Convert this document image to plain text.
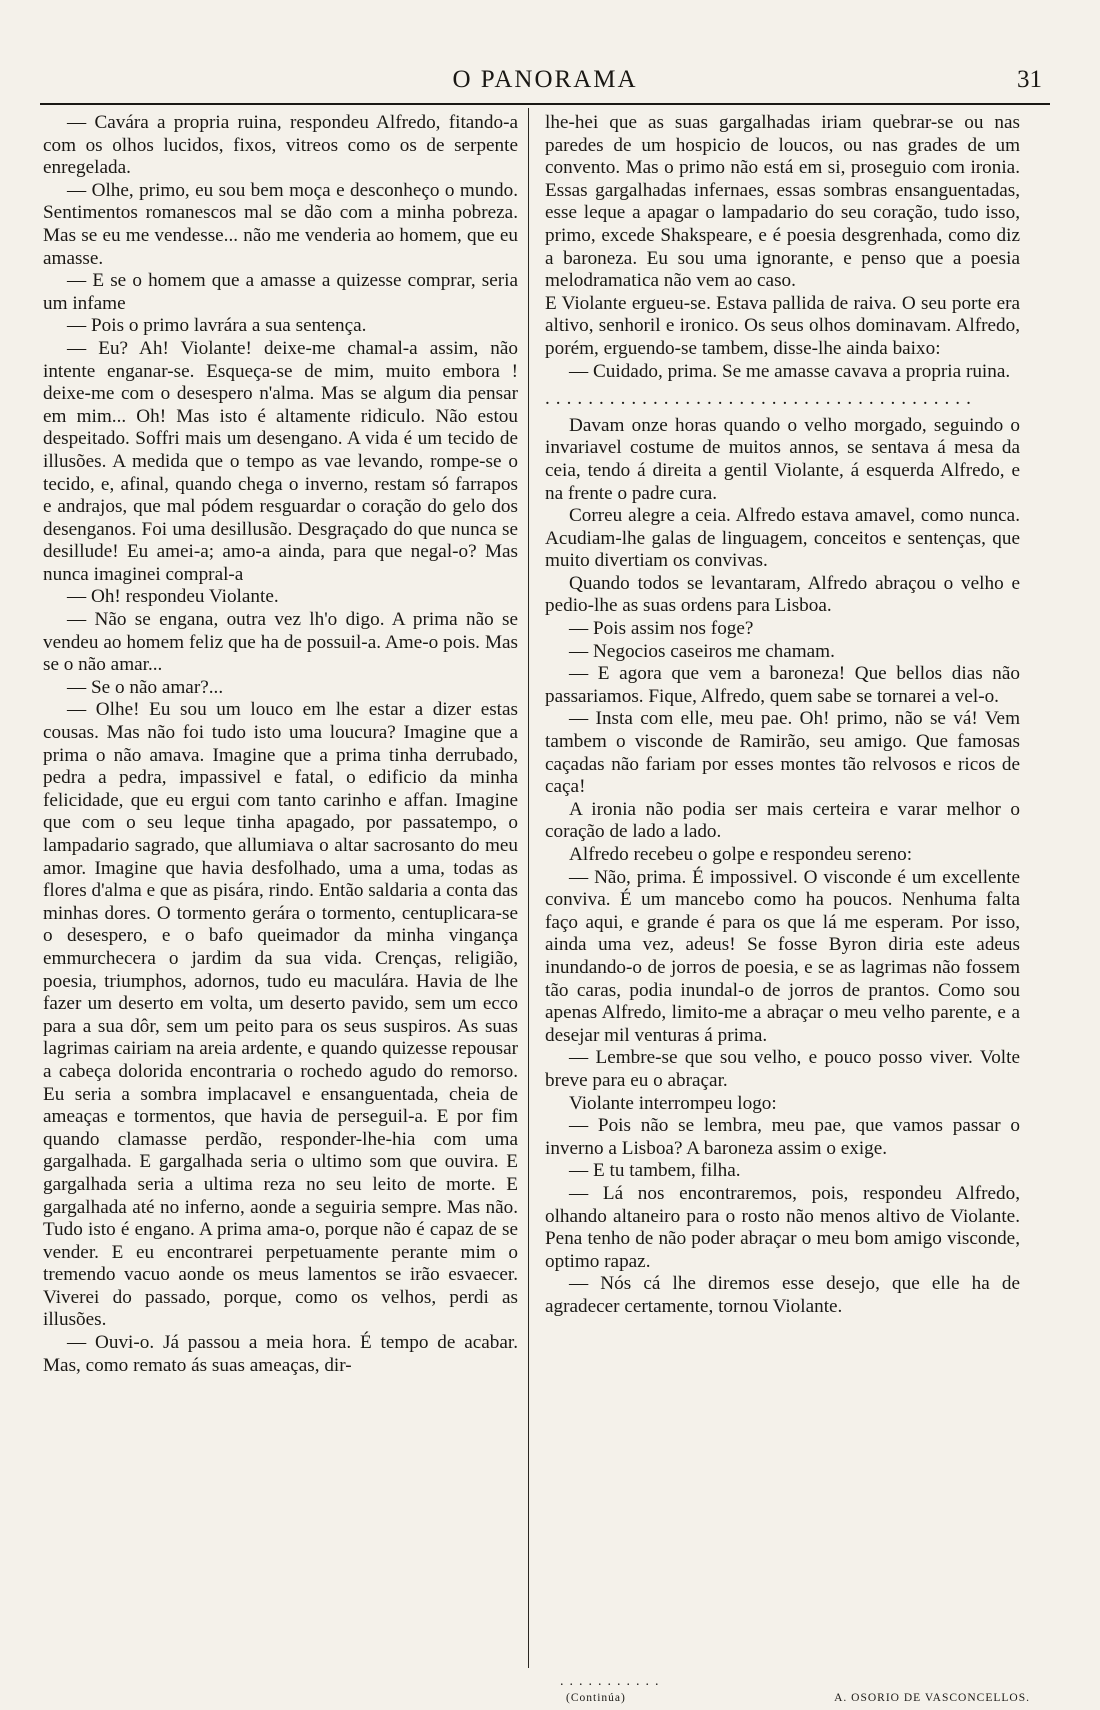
O PANORAMA	31

— Cavára a propria ruina, respondeu Alfredo, fitando-a com os olhos lucidos, fixos, vitreos como os de serpente enregelada.

— Olhe, primo, eu sou bem moça e desconheço o mundo. Sentimentos romanescos mal se dão com a minha pobreza. Mas se eu me vendesse... não me venderia ao homem, que eu amasse.

— E se o homem que a amasse a quizesse comprar, seria um infame

— Pois o primo lavrára a sua sentença.

— Eu? Ah! Violante! deixe-me chamal-a assim, não intente enganar-se. Esqueça-se de mim, muito embora ! deixe-me com o desespero n'alma. Mas se algum dia pensar em mim... Oh! Mas isto é altamente ridiculo. Não estou despeitado. Soffri mais um desengano. A vida é um tecido de illusões. A medida que o tempo as vae levando, rompe-se o tecido, e, afinal, quando chega o inverno, restam só farrapos e andrajos, que mal pódem resguardar o coração do gelo dos desenganos. Foi uma desillusão. Desgraçado do que nunca se desillude! Eu amei-a; amo-a ainda, para que negal-o? Mas nunca imaginei compral-a

— Oh! respondeu Violante.

— Não se engana, outra vez lh'o digo. A prima não se vendeu ao homem feliz que ha de possuil-a. Ame-o pois. Mas se o não amar...

— Se o não amar?...

— Olhe! Eu sou um louco em lhe estar a dizer estas cousas. Mas não foi tudo isto uma loucura? Imagine que a prima o não amava. Imagine que a prima tinha derrubado, pedra a pedra, impassivel e fatal, o edificio da minha felicidade, que eu ergui com tanto carinho e affan. Imagine que com o seu leque tinha apagado, por passatempo, o lampadario sagrado, que allumiava o altar sacrosanto do meu amor. Imagine que havia desfolhado, uma a uma, todas as flores d'alma e que as pisára, rindo. Então saldaria a conta das minhas dores. O tormento gerára o tormento, centuplicara-se o desespero, e o bafo queimador da minha vingança emmurchecera o jardim da sua vida. Crenças, religião, poesia, triumphos, adornos, tudo eu maculára. Havia de lhe fazer um deserto em volta, um deserto pavido, sem um ecco para a sua dôr, sem um peito para os seus suspiros. As suas lagrimas cairiam na areia ardente, e quando quizesse repousar a cabeça dolorida encontraria o rochedo agudo do remorso. Eu seria a sombra implacavel e ensanguentada, cheia de ameaças e tormentos, que havia de perseguil-a. E por fim quando clamasse perdão, responder-lhe-hia com uma gargalhada. E gargalhada seria o ultimo som que ouvira. E gargalhada seria a ultima reza no seu leito de morte. E gargalhada até no inferno, aonde a seguiria sempre. Mas não. Tudo isto é engano. A prima ama-o, porque não é capaz de se vender. E eu encontrarei perpetuamente perante mim o tremendo vacuo aonde os meus lamentos se irão esvaecer. Viverei do passado, porque, como os velhos, perdi as illusões.

— Ouvi-o. Já passou a meia hora. É tempo de acabar. Mas, como remato ás suas ameaças, dir-

lhe-hei que as suas gargalhadas iriam quebrar-se ou nas paredes de um hospicio de loucos, ou nas grades de um convento. Mas o primo não está em si, proseguio com ironia. Essas gargalhadas infernaes, essas sombras ensanguentadas, esse leque a apagar o lampadario do seu coração, tudo isso, primo, excede Shakspeare, e é poesia desgrenhada, como diz a baroneza. Eu sou uma ignorante, e penso que a poesia melodramatica não vem ao caso.

E Violante ergueu-se. Estava pallida de raiva. O seu porte era altivo, senhoril e ironico. Os seus olhos dominavam. Alfredo, porém, erguendo-se tambem, disse-lhe ainda baixo:

— Cuidado, prima. Se me amasse cavava a propria ruina.

........................................

Davam onze horas quando o velho morgado, seguindo o invariavel costume de muitos annos, se sentava á mesa da ceia, tendo á direita a gentil Violante, á esquerda Alfredo, e na frente o padre cura.

Correu alegre a ceia. Alfredo estava amavel, como nunca. Acudiam-lhe galas de linguagem, conceitos e sentenças, que muito divertiam os convivas.

Quando todos se levantaram, Alfredo abraçou o velho e pedio-lhe as suas ordens para Lisboa.

— Pois assim nos foge?

— Negocios caseiros me chamam.

— E agora que vem a baroneza! Que bellos dias não passariamos. Fique, Alfredo, quem sabe se tornarei a vel-o.

— Insta com elle, meu pae. Oh! primo, não se vá! Vem tambem o visconde de Ramirão, seu amigo. Que famosas caçadas não fariam por esses montes tão relvosos e ricos de caça!

A ironia não podia ser mais certeira e varar melhor o coração de lado a lado.

Alfredo recebeu o golpe e respondeu sereno:

— Não, prima. É impossivel. O visconde é um excellente conviva. É um mancebo como ha poucos. Nenhuma falta faço aqui, e grande é para os que lá me esperam. Por isso, ainda uma vez, adeus! Se fosse Byron diria este adeus inundando-o de jorros de poesia, e se as lagrimas não fossem tão caras, podia inundal-o de jorros de prantos. Como sou apenas Alfredo, limito-me a abraçar o meu velho parente, e a desejar mil venturas á prima.

— Lembre-se que sou velho, e pouco posso viver. Volte breve para eu o abraçar.

Violante interrompeu logo:

— Pois não se lembra, meu pae, que vamos passar o inverno a Lisboa? A baroneza assim o exige.

— E tu tambem, filha.

— Lá nos encontraremos, pois, respondeu Alfredo, olhando altaneiro para o rosto não menos altivo de Violante. Pena tenho de não poder abraçar o meu bom amigo visconde, optimo rapaz.

— Nós cá lhe diremos esse desejo, que elle ha de agradecer certamente, tornou Violante.

...........
(Continúa)	A. OSORIO DE VASCONCELLOS.
